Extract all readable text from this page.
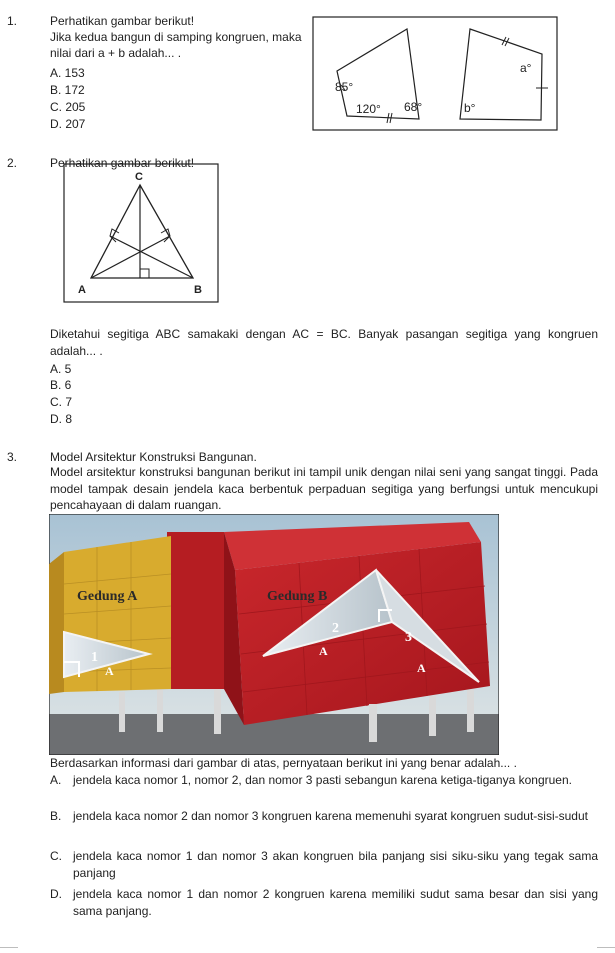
1.	Perhatikan gambar berikut!
Jika kedua bangun di samping kongruen, maka
nilai dari a + b adalah... .
A. 153
B. 172
C. 205
D. 207
85°
120° 68°
a°
b°
2.	Perhatikan gambar berikut!
C
A	B
Diketahui segitiga ABC samakaki dengan AC = BC. Banyak pasangan segitiga yang kongruen adalah... .
A. 5
B. 6
C. 7
D. 8
3.	Model Arsitektur Konstruksi Bangunan.
Model arsitektur konstruksi bangunan berikut ini tampil unik dengan nilai seni yang sangat tinggi. Pada model tampak desain jendela kaca berbentuk perpaduan segitiga yang berfungsi untuk mencukupi pencahayaan di dalam ruangan.
Gedung A	Gedung B
1
2
3
A
A
A
Berdasarkan informasi dari gambar di atas, pernyataan berikut ini yang benar adalah... .
A. jendela kaca nomor 1, nomor 2, dan nomor 3 pasti sebangun karena ketiga-tiganya kongruen.
B. jendela kaca nomor 2 dan nomor 3 kongruen karena memenuhi syarat kongruen sudut-sisi-sudut
C. jendela kaca nomor 1 dan nomor 3 akan kongruen bila panjang sisi siku-siku yang tegak sama panjang
D. jendela kaca nomor 1 dan nomor 2 kongruen karena memiliki sudut sama besar dan sisi yang sama panjang.
